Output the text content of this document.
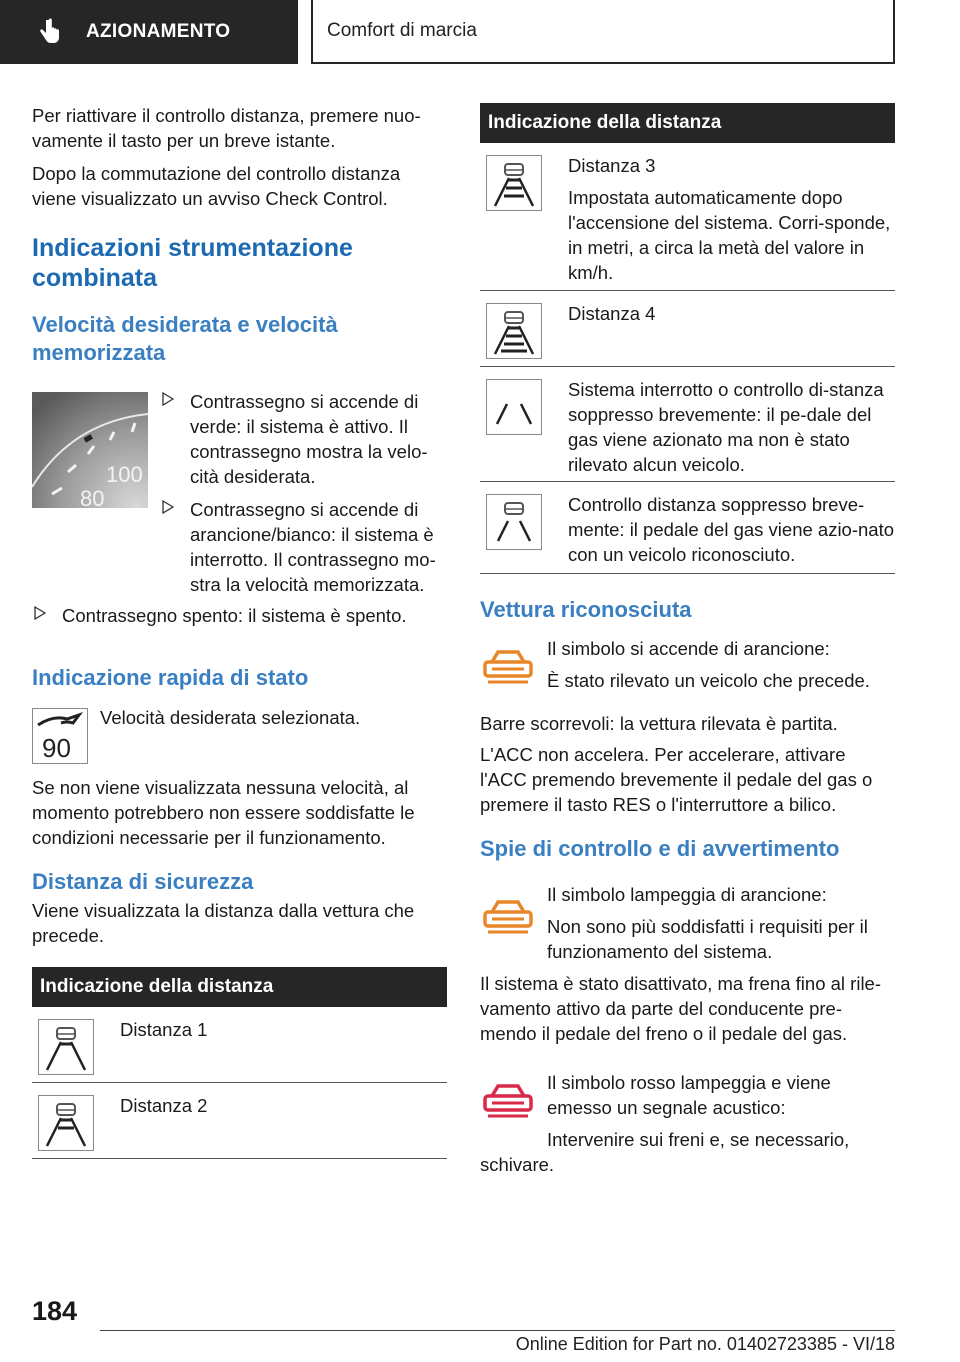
AZIONAMENTO	Comfort di marcia

Per riattivare il controllo distanza, premere nuo-vamente il tasto per un breve istante.

Dopo la commutazione del controllo distanza viene visualizzato un avviso Check Control.

Indicazioni strumentazione combinata
Velocità desiderata e velocità memorizzata
100
80
Contrassegno si accende di verde: il sistema è attivo. Il contrassegno mostra la velo-cità desiderata.
Contrassegno si accende di arancione/bianco: il sistema è interrotto. Il contrassegno mo-stra la velocità memorizzata.
Contrassegno spento: il sistema è spento.
Indicazione rapida di stato
90

Velocità desiderata selezionata.

Se non viene visualizzata nessuna velocità, al momento potrebbero non essere soddisfatte le condizioni necessarie per il funzionamento.

Distanza di sicurezza

Viene visualizzata la distanza dalla vettura che precede.

Indicazione della distanza

Distanza 1

Distanza 2

Indicazione della distanza

Distanza 3

Impostata automaticamente dopo l'accensione del sistema. Corri-sponde, in metri, a circa la metà del valore in km/h.

Distanza 4

Sistema interrotto o controllo di-stanza soppresso brevemente: il pe-dale del gas viene azionato ma non è stato rilevato alcun veicolo.

Controllo distanza soppresso breve-mente: il pedale del gas viene azio-nato con un veicolo riconosciuto.

Vettura riconosciuta

Il simbolo si accende di arancione:

È stato rilevato un veicolo che precede.

Barre scorrevoli: la vettura rilevata è partita.

L'ACC non accelera. Per accelerare, attivare l'ACC premendo brevemente il pedale del gas o premere il tasto RES o l'interruttore a bilico.

Spie di controllo e di avvertimento

Il simbolo lampeggia di arancione:

Non sono più soddisfatti i requisiti per il funzionamento del sistema.

Il sistema è stato disattivato, ma frena fino al rile-vamento attivo da parte del conducente pre-mendo il pedale del freno o il pedale del gas.

Il simbolo rosso lampeggia e viene emesso un segnale acustico:

Intervenire sui freni e, se necessario,

schivare.

184
Online Edition for Part no. 01402723385 - VI/18
